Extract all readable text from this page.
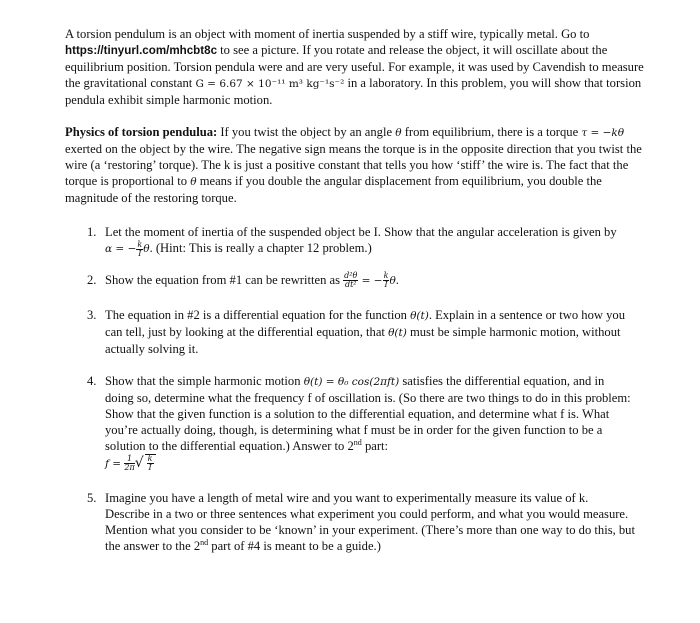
A torsion pendulum is an object with moment of inertia suspended by a stiff wire, typically metal. Go to https://tinyurl.com/mhcbt8c to see a picture. If you rotate and release the object, it will oscillate about the equilibrium position. Torsion pendula were and are very useful. For example, it was used by Cavendish to measure the gravitational constant G = 6.67 × 10⁻¹¹ m³ kg⁻¹s⁻² in a laboratory. In this problem, you will show that torsion pendula exhibit simple harmonic motion.

Physics of torsion pendulua: If you twist the object by an angle θ from equilibrium, there is a torque τ = −kθ exerted on the object by the wire. The negative sign means the torque is in the opposite direction that you twist the wire (a ‘restoring’ torque). The k is just a positive constant that tells you how ‘stiff’ the wire is. The fact that the torque is proportional to θ means if you double the angular displacement from equilibrium, you double the magnitude of the restoring torque.

1. Let the moment of inertia of the suspended object be I. Show that the angular acceleration is given by α = − $\frac{k}{I} \theta$. (Hint: This is really a chapter 12 problem.)
2. Show the equation from #1 can be rewritten as $\frac{\text{d²θ}}{\text{dt²}}$ = − $\frac{k}{I} \theta$.
3. The equation in #2 is a differential equation for the function θ(t). Explain in a sentence or two how you can tell, just by looking at the differential equation, that θ(t) must be simple harmonic motion, without actually solving it.
4. Show that the simple harmonic motion θ(t) = θ₀ cos(2πft) satisfies the differential equation, and in doing so, determine what the frequency f of oscillation is. (So there are two things to do in this problem: Show that the given function is a solution to the differential equation, and determine what f is. What you’re actually doing, though, is determining what f must be in order for the given function to be a solution to the differential equation.) Answer to 2nd part:
$f = \frac{1}{2\pi}$ √ $\frac{k}{I}$
5. Imagine you have a length of metal wire and you want to experimentally measure its value of k. Describe in a two or three sentences what experiment you could perform, and what you would measure. Mention what you consider to be ‘known’ in your experiment. (There’s more than one way to do this, but the answer to the 2nd part of #4 is meant to be a guide.)
